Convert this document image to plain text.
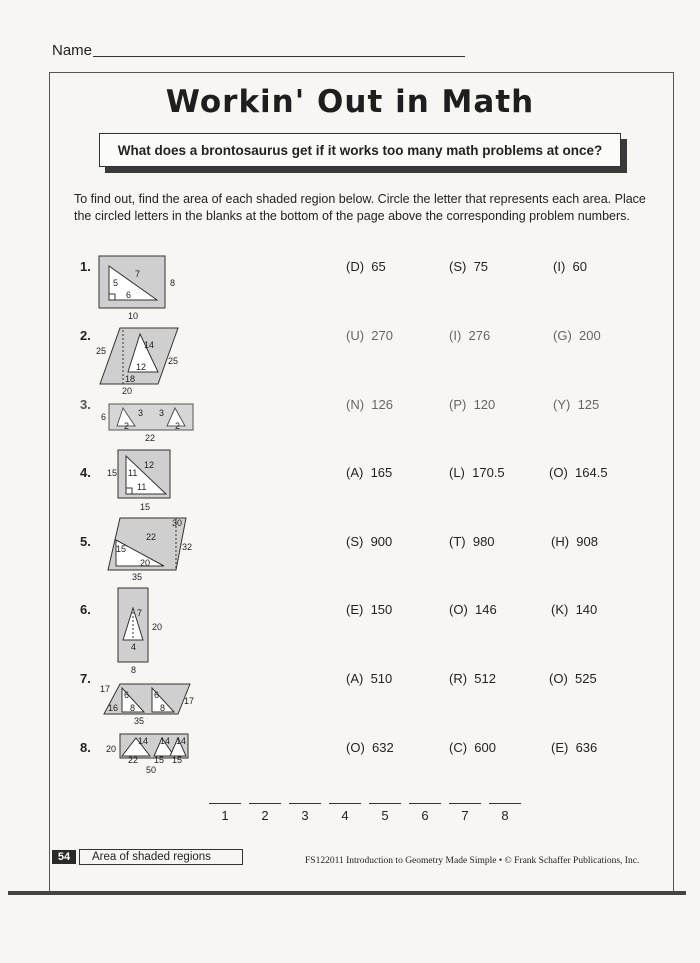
Name
Workin' Out in Math
What does a brontosaurus get if it works too many math problems at once?
To find out, find the area of each shaded region below. Circle the letter that represents each area. Place the circled letters in the blanks at the bottom of the page above the corresponding problem numbers.
1.
5
6
8
10
7	(D) 65	(S) 75	(I) 60
2.
14
12
18
20
25
25
(U) 270	(I) 276	(G) 200
3.
6	3 3
2	2
22
(N) 126	(P) 120	(Y) 125
4. 15 11
11
15
12	(A) 165	(L) 170.5	(O) 164.5
5.
30
15
20
35
22
32	(S) 900	(T) 980	(H) 908
6.	7
4
20
8
(E) 150	(O) 146	(K) 140
7.
6	6
16 8	8
35
17
17
(A) 510	(R) 512	(O) 525
8.	14 14 14
20
22 15 15
50
(O) 632	(C) 600	(E) 636
1	2	3	4	5	6	7	8
54	Area of shaded regions	FS122011 Introduction to Geometry Made Simple • © Frank Schaffer Publications, Inc.
